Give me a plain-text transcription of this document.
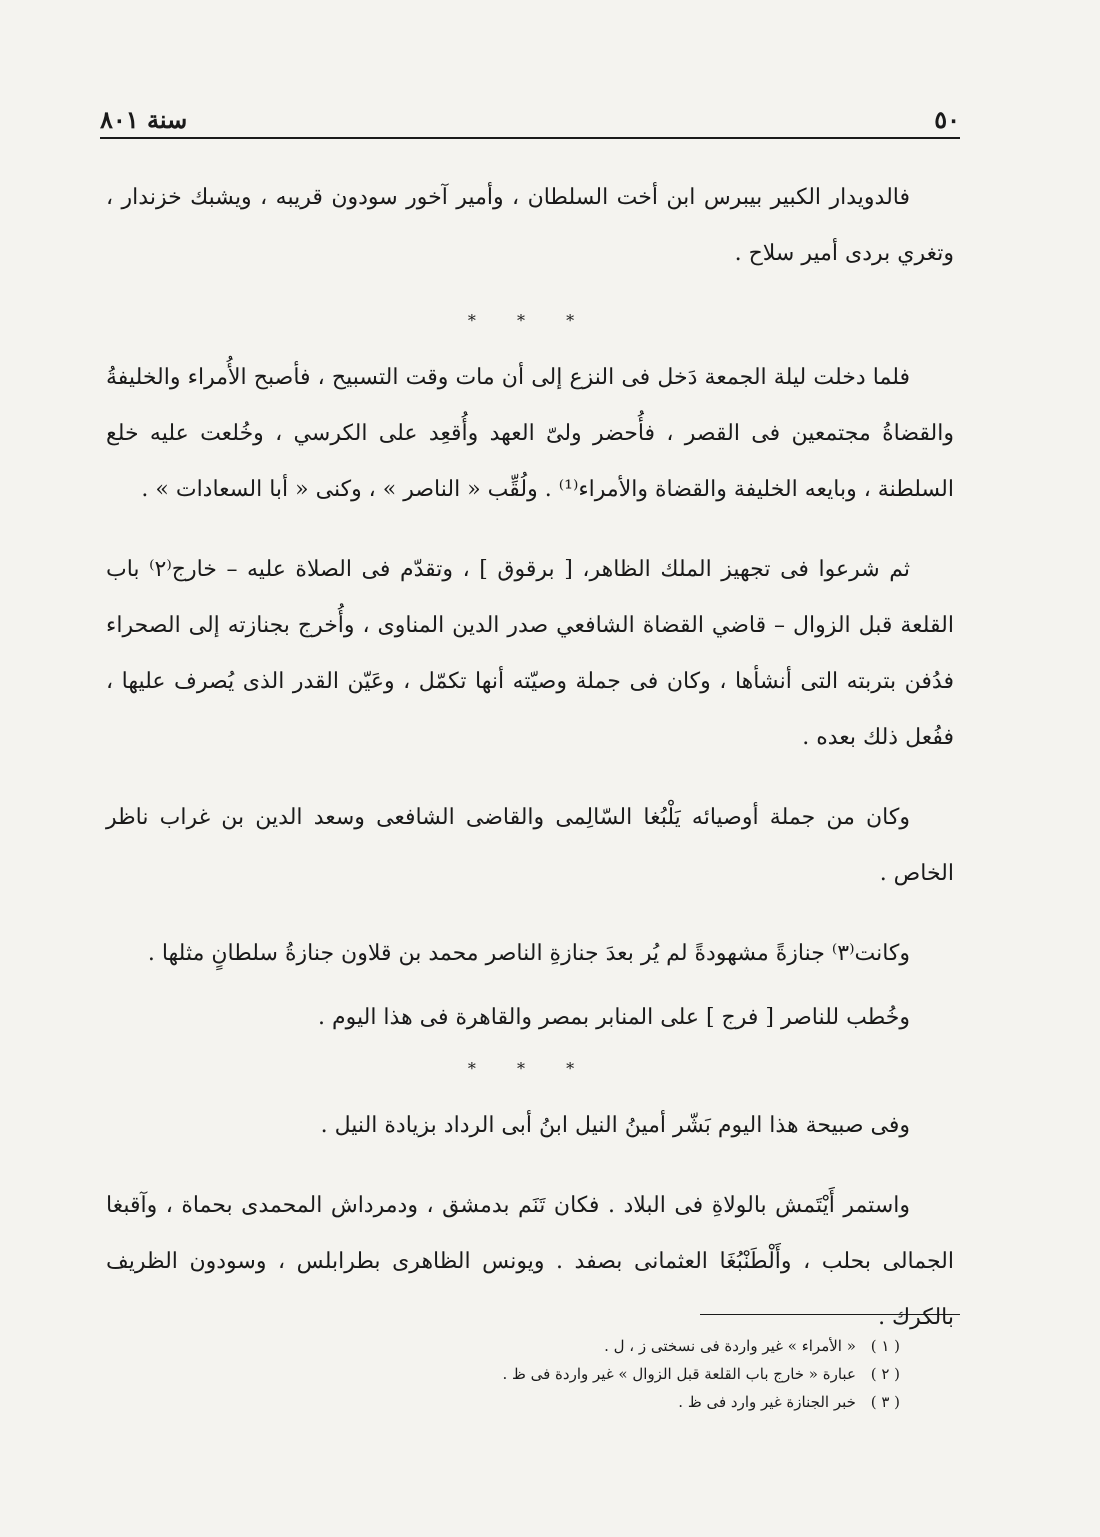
٥٠
سنة ٨٠١

فالدويدار الكبير بيبرس ابن أخت السلطان ، وأمير آخور سودون قريبه ، ويشبك خزندار ، وتغري بردى أمير سلاح .

* * *

فلما دخلت ليلة الجمعة دَخل فى النزع إلى أن مات وقت التسبيح ، فأصبح الأُمراء والخليفةُ والقضاةُ مجتمعين فى القصر ، فأُحضر ولىّ العهد وأُقعِد على الكرسي ، وخُلعت عليه خلع السلطنة ، وبايعه الخليفة والقضاة والأمراء⁽¹⁾ . ولُقِّب « الناصر » ، وكنى « أبا السعادات » .

ثم شرعوا فى تجهيز الملك الظاهر، [ برقوق ] ، وتقدّم فى الصلاة عليه – خارج⁽٢⁾ باب القلعة قبل الزوال – قاضي القضاة الشافعي صدر الدين المناوى ، وأُخرج بجنازته إلى الصحراء فدُفن بتربته التى أنشأها ، وكان فى جملة وصيّته أنها تكمّل ، وعَيّن القدر الذى يُصرف عليها ، ففُعل ذلك بعده .

وكان من جملة أوصيائه يَلْبُغا السّالِمى والقاضى الشافعى وسعد الدين بن غراب ناظر الخاص .

وكانت⁽٣⁾ جنازةً مشهودةً لم يُر بعدَ جنازةِ الناصر محمد بن قلاون جنازةُ سلطانٍ مثلها .

وخُطب للناصر [ فرج ] على المنابر بمصر والقاهرة فى هذا اليوم .

* * *

وفى صبيحة هذا اليوم بَشّر أمينُ النيل ابنُ أبى الرداد بزيادة النيل .

واستمر أَيْتَمش بالولاةِ فى البلاد . فكان تَنَم بدمشق ، ودمرداش المحمدى بحماة ، وآقبغا الجمالى بحلب ، وأَلْطَنْبُغَا العثمانى بصفد . ويونس الظاهرى بطرابلس ، وسودون الظريف بالكرك .

( ١ ) « الأمراء » غير واردة فى نسختى ز ، ل .

( ٢ ) عبارة « خارج باب القلعة قبل الزوال » غير واردة فى ظ .

( ٣ ) خبر الجنازة غير وارد فى ظ .
